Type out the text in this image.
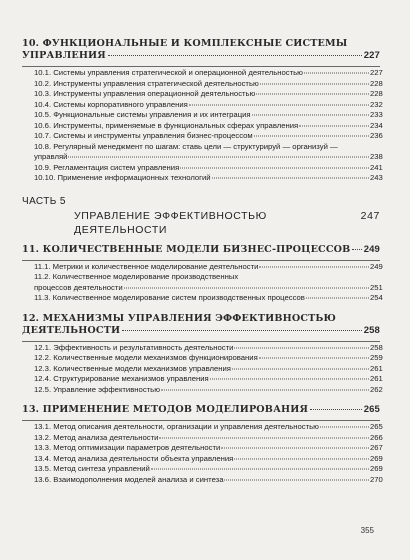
10. ФУНКЦИОНАЛЬНЫЕ И КОМПЛЕКСНЫЕ СИСТЕМЫ
УПРАВЛЕНИЯ	227
10.1. Системы управления стратегической и операционной деятельностью	227
10.2. Инструменты управления стратегической деятельностью	228
10.3. Инструменты управления операционной деятельностью	228
10.4. Системы корпоративного управления	232
10.5. Функциональные системы управления и их интеграция	233
10.6. Инструменты, применяемые в функциональных сферах управления	234
10.7. Системы и инструменты управления бизнес-процессом	236
10.8. Регулярный менеджмент по шагам: ставь цели — структурируй — организуй —
управляй	238
10.9. Регламентация систем управления	241
10.10. Применение информационных технологий	243
ЧАСТЬ 5
УПРАВЛЕНИЕ ЭФФЕКТИВНОСТЬЮ ДЕЯТЕЛЬНОСТИ
247
11. КОЛИЧЕСТВЕННЫЕ МОДЕЛИ БИЗНЕС-ПРОЦЕССОВ 249
11.1. Метрики и количественное моделирование деятельности	249
11.2. Количественное моделирование производственных
процессов деятельности	251
11.3. Количественное моделирование систем производственных процессов	254
12. МЕХАНИЗМЫ УПРАВЛЕНИЯ ЭФФЕКТИВНОСТЬЮ
ДЕЯТЕЛЬНОСТИ	258
12.1. Эффективность и результативность деятельности	258
12.2. Количественные модели механизмов функционирования	259
12.3. Количественные модели механизмов управления	261
12.4. Структурирование механизмов управления	261
12.5. Управление эффективностью	262
13. ПРИМЕНЕНИЕ МЕТОДОВ МОДЕЛИРОВАНИЯ	265
13.1. Метод описания деятельности, организации и управления деятельностью	265
13.2. Метод анализа деятельности	266
13.3. Метод оптимизации параметров деятельности	267
13.4. Метод анализа деятельности объекта управления	269
13.5. Метод синтеза управлений	269
13.6. Взаимодополнения моделей анализа и синтеза	270
355
